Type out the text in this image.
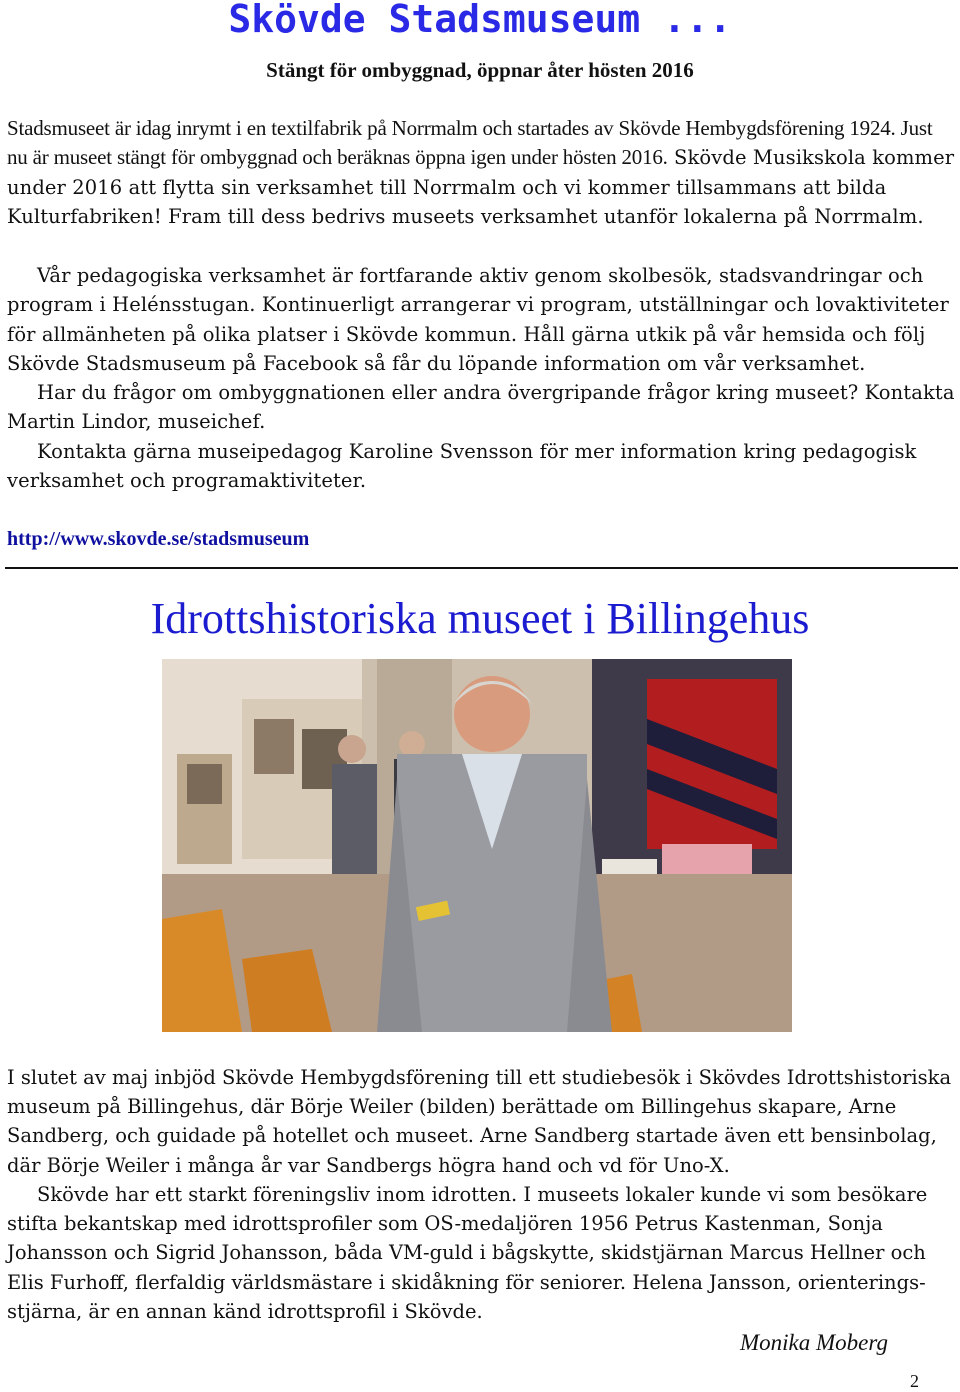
Skövde Stadsmuseum ...
Stängt för ombyggnad, öppnar åter hösten 2016

Stadsmuseet är idag inrymt i en textilfabrik på Norrmalm och startades av Skövde Hembygdsförening 1924. Just nu är museet stängt för ombyggnad och beräknas öppna igen under hösten 2016. Skövde Musikskola kommer under 2016 att flytta sin verksamhet till Norrmalm och vi kommer tillsammans att bilda Kulturfabriken! Fram till dess bedrivs museets verksamhet utanför lokalerna på Norrmalm.

Vår pedagogiska verksamhet är fortfarande aktiv genom skolbesök, stadsvandringar och program i Helénsstugan. Kontinuerligt arrangerar vi program, utställningar och lovaktiviteter för allmänheten på olika platser i Skövde kommun. Håll gärna utkik på vår hemsida och följ Skövde Stadsmuseum på Facebook så får du löpande information om vår verksamhet.

Har du frågor om ombyggnationen eller andra övergripande frågor kring museet? Kontakta Martin Lindor, museichef.

Kontakta gärna museipedagog Karoline Svensson för mer information kring pedagogisk verksamhet och programaktiviteter.

http://www.skovde.se/stadsmuseum
Idrottshistoriska museet i Billingehus

I slutet av maj inbjöd Skövde Hembygdsförening till ett studiebesök i Skövdes Idrottshistoriska museum på Billingehus, där Börje Weiler (bilden) berättade om Billingehus skapare, Arne Sandberg, och guidade på hotellet och museet. Arne Sandberg startade även ett bensinbolag, där Börje Weiler i många år var Sandbergs högra hand och vd för Uno-X.

Skövde har ett starkt föreningsliv inom idrotten. I museets lokaler kunde vi som besökare stifta bekantskap med idrottsprofiler som OS-medaljören 1956 Petrus Kastenman, Sonja Johansson och Sigrid Johansson, båda VM-guld i bågskytte, skidstjärnan Marcus Hellner och Elis Furhoff, flerfaldig världsmästare i skidåkning för seniorer. Helena Jansson, orienterings-stjärna, är en annan känd idrottsprofil i Skövde.

Monika Moberg
2
